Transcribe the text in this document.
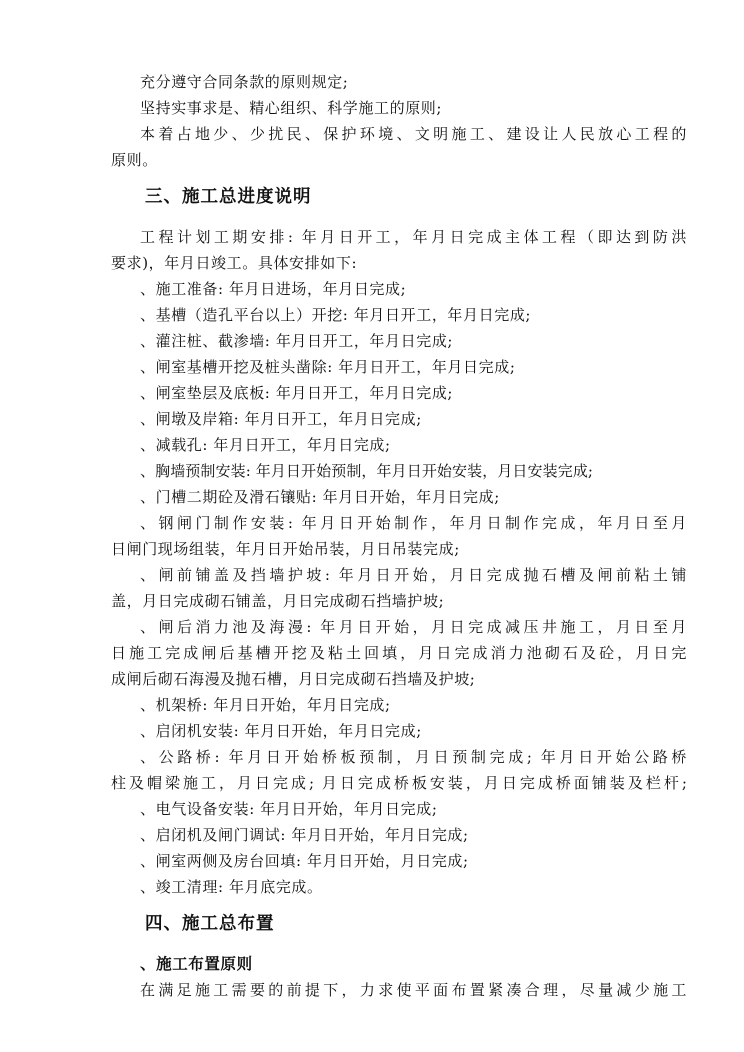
充分遵守合同条款的原则规定;
坚持实事求是、精心组织、科学施工的原则;
本着占地少、少扰民、保护环境、文明施工、建设让人民放心工程的
原则。
三、施工总进度说明
工程计划工期安排: 年月日开工，年月日完成主体工程（即达到防洪
要求)，年月日竣工。具体安排如下:
、施工准备: 年月日进场，年月日完成;
、基槽（造孔平台以上）开挖: 年月日开工，年月日完成;
、灌注桩、截渗墙: 年月日开工，年月日完成;
、闸室基槽开挖及桩头凿除: 年月日开工，年月日完成;
、闸室垫层及底板: 年月日开工，年月日完成;
、闸墩及岸箱: 年月日开工，年月日完成;
、减载孔: 年月日开工，年月日完成;
、胸墙预制安装: 年月日开始预制，年月日开始安装，月日安装完成;
、门槽二期砼及滑石镶贴: 年月日开始，年月日完成;
、钢闸门制作安装: 年月日开始制作，年月日制作完成，年月日至月
日闸门现场组装，年月日开始吊装，月日吊装完成;
、闸前铺盖及挡墙护坡: 年月日开始，月日完成抛石槽及闸前粘土铺
盖，月日完成砌石铺盖，月日完成砌石挡墙护坡;
、闸后消力池及海漫: 年月日开始，月日完成减压井施工，月日至月
日施工完成闸后基槽开挖及粘土回填，月日完成消力池砌石及砼，月日完
成闸后砌石海漫及抛石槽，月日完成砌石挡墙及护坡;
、机架桥: 年月日开始，年月日完成;
、启闭机安装: 年月日开始，年月日完成;
、公路桥: 年月日开始桥板预制，月日预制完成; 年月日开始公路桥
柱及帽梁施工，月日完成; 月日完成桥板安装，月日完成桥面铺装及栏杆;
、电气设备安装: 年月日开始，年月日完成;
、启闭机及闸门调试: 年月日开始，年月日完成;
、闸室两侧及房台回填: 年月日开始，月日完成;
、竣工清理: 年月底完成。
四、施工总布置
、施工布置原则
在满足施工需要的前提下，力求使平面布置紧凑合理，尽量减少施工
